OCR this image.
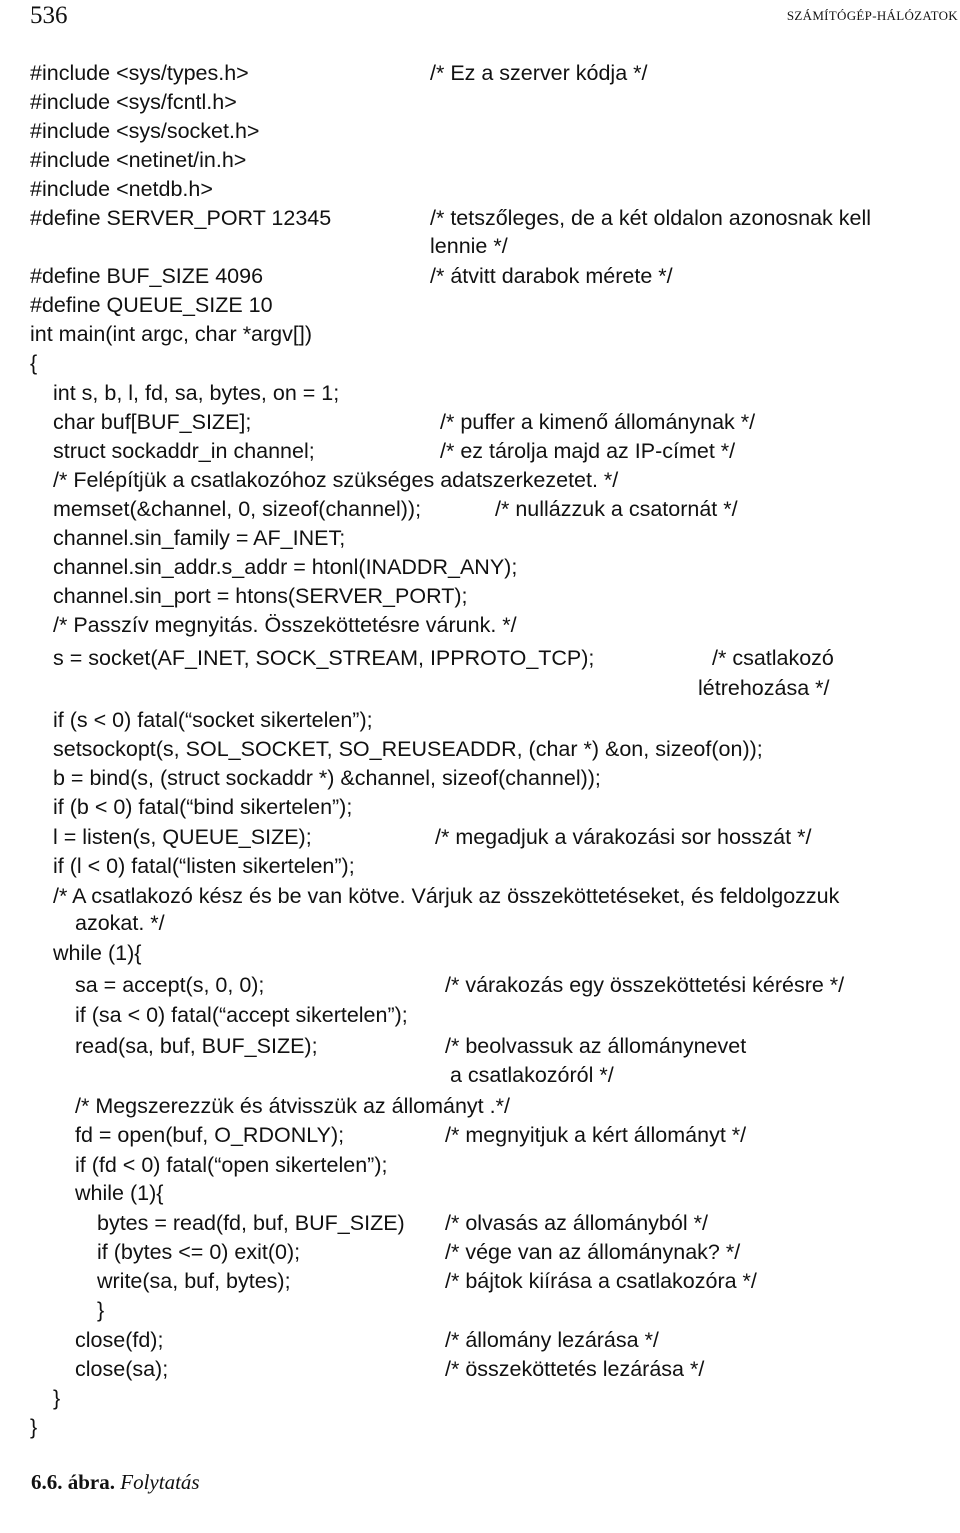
536	SZÁMÍTÓGÉP-HÁLÓZATOK
#include <sys/types.h>	/* Ez a szerver kódja */
#include <sys/fcntl.h>
#include <sys/socket.h>
#include <netinet/in.h>
#include <netdb.h>
#define SERVER_PORT 12345	/* tetszőleges, de a két oldalon azonosnak kell
lennie */
#define BUF_SIZE 4096	/* átvitt darabok mérete */
#define QUEUE_SIZE 10
int main(int argc, char *argv[])
{
int s, b, l, fd, sa, bytes, on = 1;
char buf[BUF_SIZE];	/* puffer a kimenő állománynak */
struct sockaddr_in channel;	/* ez tárolja majd az IP-címet */
/* Felépítjük a csatlakozóhoz szükséges adatszerkezetet. */
memset(&channel, 0, sizeof(channel));	/* nullázzuk a csatornát */
channel.sin_family = AF_INET;
channel.sin_addr.s_addr = htonl(INADDR_ANY);
channel.sin_port = htons(SERVER_PORT);
/* Passzív megnyitás. Összeköttetésre várunk. */
s = socket(AF_INET, SOCK_STREAM, IPPROTO_TCP);	/* csatlakozó
létrehozása */
if (s < 0) fatal(“socket sikertelen”);
setsockopt(s, SOL_SOCKET, SO_REUSEADDR, (char *) &on, sizeof(on));
b = bind(s, (struct sockaddr *) &channel, sizeof(channel));
if (b < 0) fatal(“bind sikertelen”);
l = listen(s, QUEUE_SIZE);	/* megadjuk a várakozási sor hosszát */
if (l < 0) fatal(“listen sikertelen”);
/* A csatlakozó kész és be van kötve. Várjuk az összeköttetéseket, és feldolgozzuk
azokat. */
while (1){
sa = accept(s, 0, 0);	/* várakozás egy összeköttetési kérésre */
if (sa < 0) fatal(“accept sikertelen”);
read(sa, buf, BUF_SIZE);	/* beolvassuk az állománynevet
a csatlakozóról */
/* Megszerezzük és átvisszük az állományt .*/
fd = open(buf, O_RDONLY);	/* megnyitjuk a kért állományt */
if (fd < 0) fatal(“open sikertelen”);
while (1){
bytes = read(fd, buf, BUF_SIZE) /* olvasás az állományból */
if (bytes <= 0) exit(0);	/* vége van az állománynak? */
write(sa, buf, bytes);	/* bájtok kiírása a csatlakozóra */
}
close(fd);	/* állomány lezárása */
close(sa);	/* összeköttetés lezárása */
}
}
6.6. ábra. Folytatás
